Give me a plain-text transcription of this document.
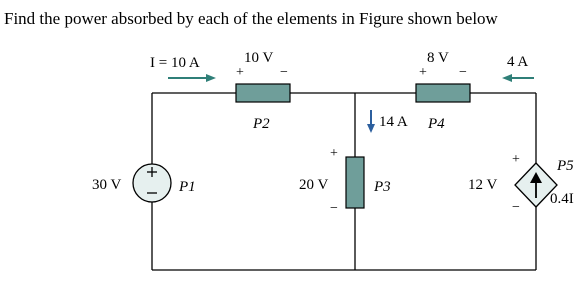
Find the power absorbed by each of the elements in Figure shown below
I = 10 A	10 V
+	−
8 V
+ −
4 A
P2	14 A P4
30 V	P1
+
20 V
−
P3
+
12 V
−
P5
0.4I
